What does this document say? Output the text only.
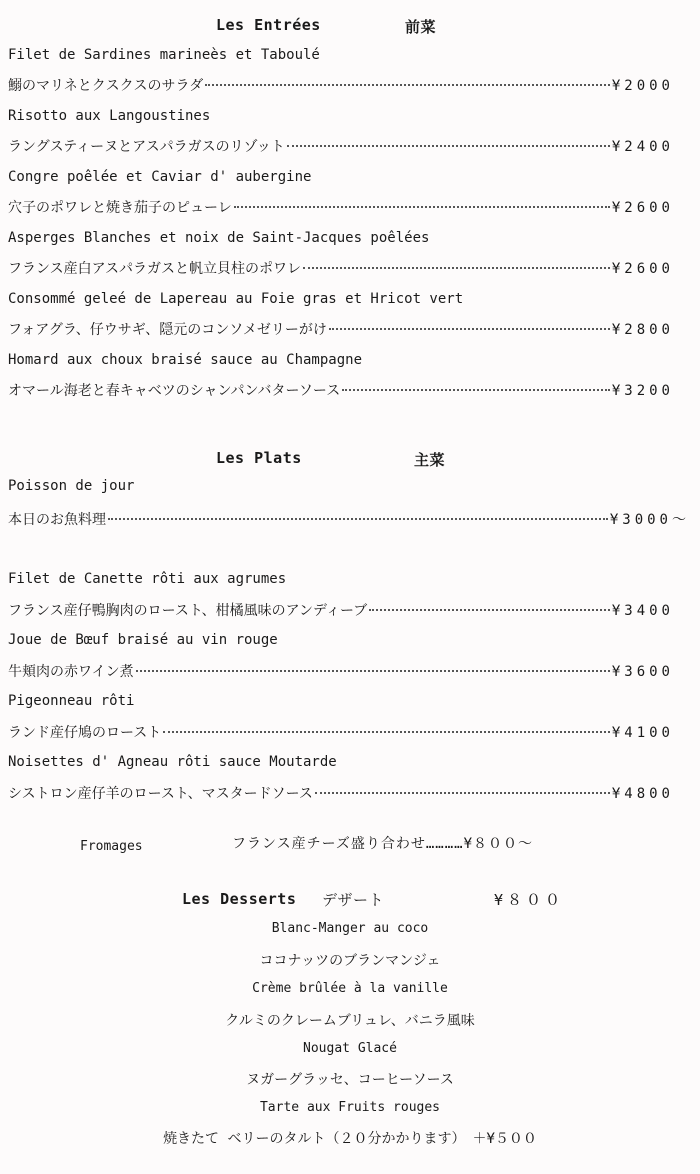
Les Entrées	前菜
Filet de Sardines marineès et Taboulé
鰯のマリネとクスクスのサラダ	¥2000
Risotto aux Langoustines
ラングスティーヌとアスパラガスのリゾット	¥2400
Congre poêlée et Caviar d' aubergine
穴子のポワレと焼き茄子のピューレ	¥2600
Asperges Blanches et noix de Saint-Jacques poêlées
フランス産白アスパラガスと帆立貝柱のポワレ	¥2600
Consommé geleé de Lapereau au Foie gras et Hricot vert
フォアグラ、仔ウサギ、隠元のコンソメゼリーがけ	¥2800
Homard aux choux braisé sauce au Champagne
オマール海老と春キャベツのシャンパンバターソース	¥3200
Les Plats	主菜
Poisson de jour
本日のお魚料理	¥3000～
Filet de Canette rôti aux agrumes
フランス産仔鴨胸肉のロースト、柑橘風味のアンディーブ	¥3400
Joue de Bœuf braisé au vin rouge
牛頬肉の赤ワイン煮	¥3600
Pigeonneau rôti
ランド産仔鳩のロースト	¥4100
Noisettes d' Agneau rôti sauce Moutarde
シストロン産仔羊のロースト、マスタードソース	¥4800
Fromages	フランス産チーズ盛り合わせ…………¥８００～
Les Desserts デザート	¥８００
Blanc-Manger au coco
ココナッツのブランマンジェ
Crème brûlée à la vanille
クルミのクレームブリュレ、バニラ風味
Nougat Glacé
ヌガーグラッセ、コーヒーソース
Tarte aux Fruits rouges
焼きたて ベリーのタルト（２０分かかります）　＋¥５００
